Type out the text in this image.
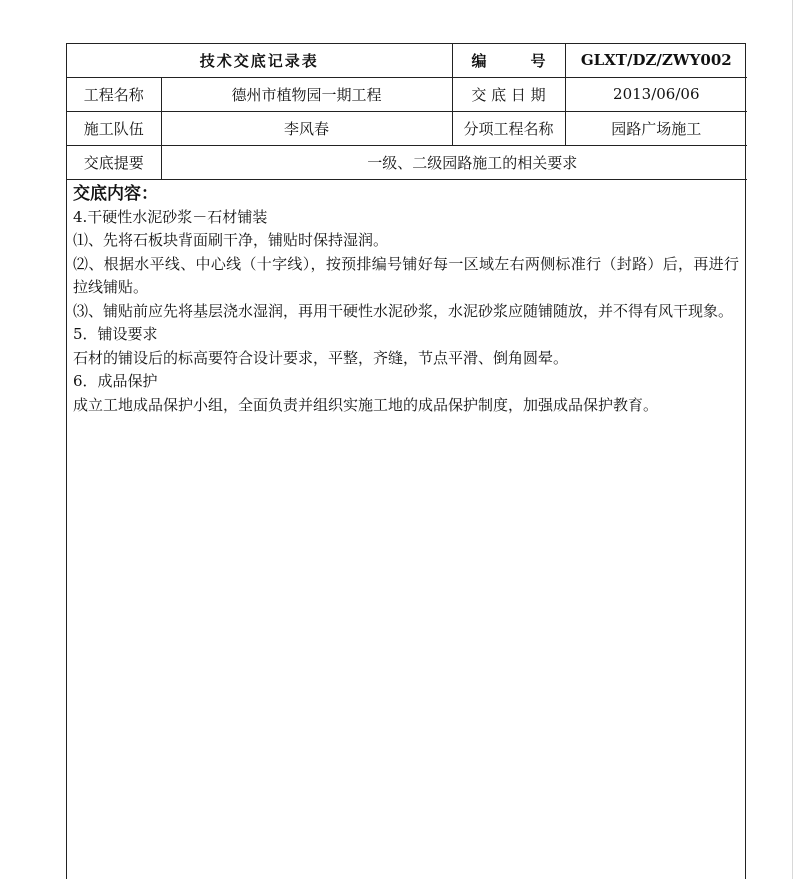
技术交底记录表		编 号	GLXT/DZ/ZWY002
工程名称	德州市植物园一期工程	交 底 日 期	2013/06/06
施工队伍	李风春	分项工程名称	园路广场施工
交底提要	一级、二级园路施工的相关要求		
交底内容：

4.干硬性水泥砂浆－石材铺装

⑴、先将石板块背面刷干净，铺贴时保持湿润。

⑵、根据水平线、中心线（十字线），按预排编号铺好每一区域左右两侧标准行（封路）后，再进行拉线铺贴。

⑶、铺贴前应先将基层浇水湿润，再用干硬性水泥砂浆，水泥砂浆应随铺随放，并不得有风干现象。

5．铺设要求

石材的铺设后的标高要符合设计要求，平整，齐缝，节点平滑、倒角圆晕。

6．成品保护

成立工地成品保护小组，全面负责并组织实施工地的成品保护制度，加强成品保护教育。
